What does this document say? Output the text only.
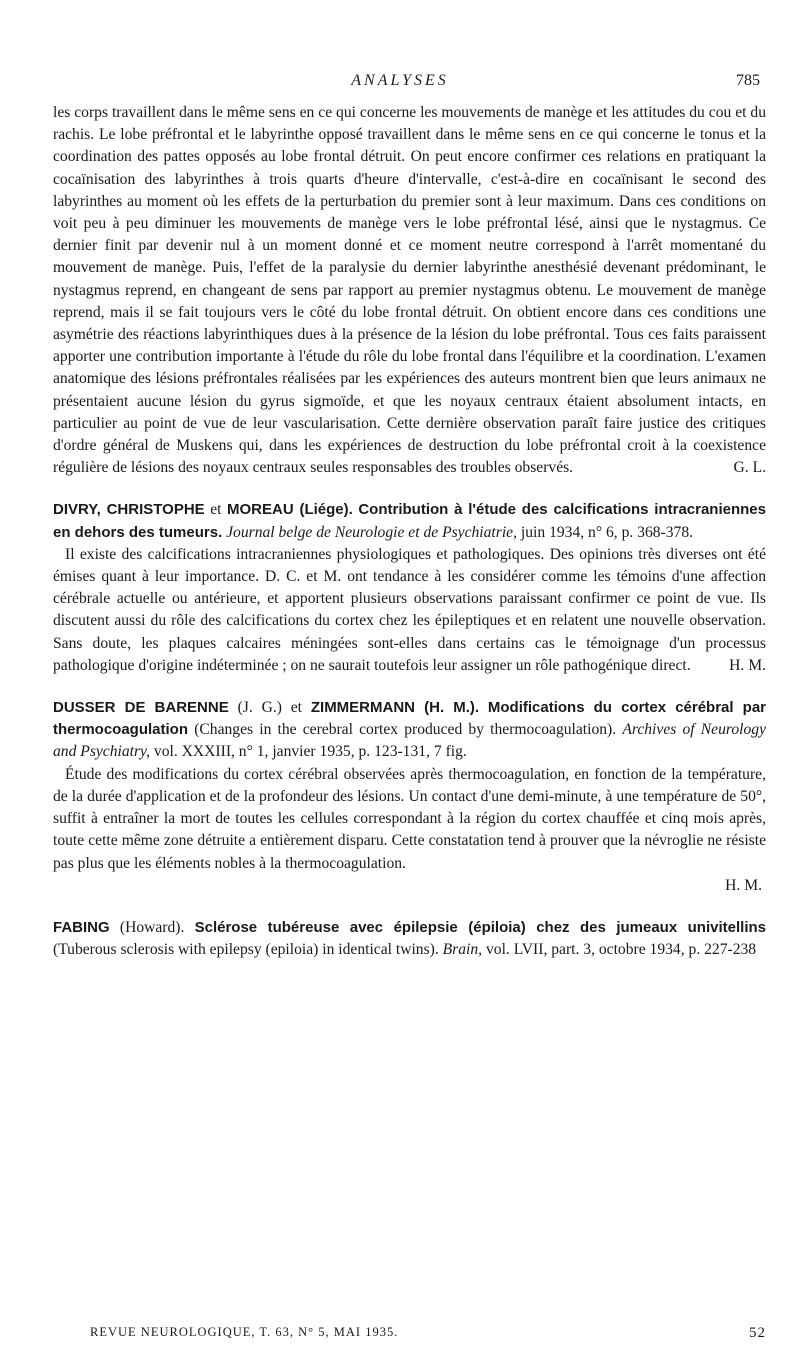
ANALYSES	785

les corps travaillent dans le même sens en ce qui concerne les mouvements de manège et les attitudes du cou et du rachis. Le lobe préfrontal et le labyrinthe opposé travaillent dans le même sens en ce qui concerne le tonus et la coordination des pattes opposés au lobe frontal détruit. On peut encore confirmer ces relations en pratiquant la cocaïnisation des labyrinthes à trois quarts d'heure d'intervalle, c'est-à-dire en cocaïnisant le second des labyrinthes au moment où les effets de la perturbation du premier sont à leur maximum. Dans ces conditions on voit peu à peu diminuer les mouvements de manège vers le lobe préfrontal lésé, ainsi que le nystagmus. Ce dernier finit par devenir nul à un moment donné et ce moment neutre correspond à l'arrêt momentané du mouvement de manège. Puis, l'effet de la paralysie du dernier labyrinthe anesthésié devenant prédominant, le nystagmus reprend, en changeant de sens par rapport au premier nystagmus obtenu. Le mouvement de manège reprend, mais il se fait toujours vers le côté du lobe frontal détruit. On obtient encore dans ces conditions une asymétrie des réactions labyrinthiques dues à la présence de la lésion du lobe préfrontal. Tous ces faits paraissent apporter une contribution importante à l'étude du rôle du lobe frontal dans l'équilibre et la coordination. L'examen anatomique des lésions préfrontales réalisées par les expériences des auteurs montrent bien que leurs animaux ne présentaient aucune lésion du gyrus sigmoïde, et que les noyaux centraux étaient absolument intacts, en particulier au point de vue de leur vascularisation. Cette dernière observation paraît faire justice des critiques d'ordre général de Muskens qui, dans les expériences de destruction du lobe préfrontal croit à la coexistence régulière de lésions des noyaux centraux seules responsables des troubles observés.	G. L.

DIVRY, CHRISTOPHE et MOREAU (Liége). Contribution à l'étude des calcifications intracraniennes en dehors des tumeurs. Journal belge de Neurologie et de Psychiatrie, juin 1934, n° 6, p. 368-378.

Il existe des calcifications intracraniennes physiologiques et pathologiques. Des opinions très diverses ont été émises quant à leur importance. D. C. et M. ont tendance à les considérer comme les témoins d'une affection cérébrale actuelle ou antérieure, et apportent plusieurs observations paraissant confirmer ce point de vue. Ils discutent aussi du rôle des calcifications du cortex chez les épileptiques et en relatent une nouvelle observation. Sans doute, les plaques calcaires méningées sont-elles dans certains cas le témoignage d'un processus pathologique d'origine indéterminée ; on ne saurait toutefois leur assigner un rôle pathogénique direct.	H. M.

DUSSER DE BARENNE (J. G.) et ZIMMERMANN (H. M.). Modifications du cortex cérébral par thermocoagulation (Changes in the cerebral cortex produced by thermocoagulation). Archives of Neurology and Psychiatry, vol. XXXIII, n° 1, janvier 1935, p. 123-131, 7 fig.

Étude des modifications du cortex cérébral observées après thermocoagulation, en fonction de la température, de la durée d'application et de la profondeur des lésions. Un contact d'une demi-minute, à une température de 50°, suffit à entraîner la mort de toutes les cellules correspondant à la région du cortex chauffée et cinq mois après, toute cette même zone détruite a entièrement disparu. Cette constatation tend à prouver que la névroglie ne résiste pas plus que les éléments nobles à la thermocoagulation.

H. M.

FABING (Howard). Sclérose tubéreuse avec épilepsie (épiloia) chez des jumeaux univitellins (Tuberous sclerosis with epilepsy (epiloia) in identical twins). Brain, vol. LVII, part. 3, octobre 1934, p. 227-238

REVUE NEUROLOGIQUE, T. 63, N° 5, MAI 1935.	52
